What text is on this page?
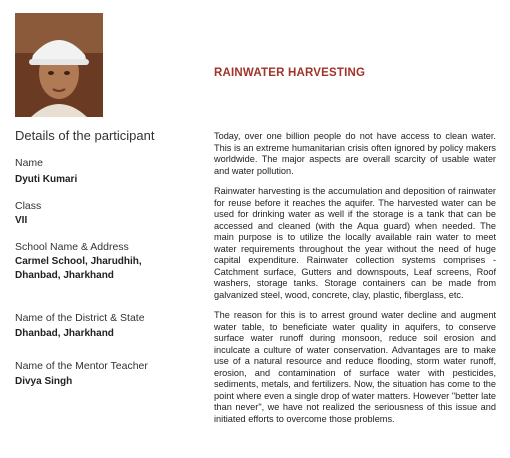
RAINWATER HARVESTING
Details of the participant
Name
Dyuti Kumari
Class
VII
School Name & Address
Carmel School, Jharudhih, Dhanbad, Jharkhand
Name of the District & State
Dhanbad, Jharkhand
Name of the Mentor Teacher
Divya Singh

Today, over one billion people do not have access to clean water. This is an extreme humanitarian crisis often ignored by policy makers worldwide. The major aspects are overall scarcity of usable water and water pollution.

Rainwater harvesting is the accumulation and deposition of rainwater for reuse before it reaches the aquifer. The harvested water can be used for drinking water as well if the storage is a tank that can be accessed and cleaned (with the Aqua guard) when needed. The main purpose is to utilize the locally available rain water to meet water requirements throughout the year without the need of huge capital expenditure. Rainwater collection systems comprises - Catchment surface, Gutters and downspouts, Leaf screens, Roof washers, storage tanks. Storage containers can be made from galvanized steel, wood, concrete, clay, plastic, fiberglass, etc.

The reason for this is to arrest ground water decline and augment water table, to beneficiate water quality in aquifers, to conserve surface water runoff during monsoon, reduce soil erosion and inculcate a culture of water conservation. Advantages are to make use of a natural resource and reduce flooding, storm water runoff, erosion, and contamination of surface water with pesticides, sediments, metals, and fertilizers. Now, the situation has come to the point where even a single drop of water matters. However "better late than never", we have not realized the seriousness of this issue and initiated efforts to overcome those problems.
